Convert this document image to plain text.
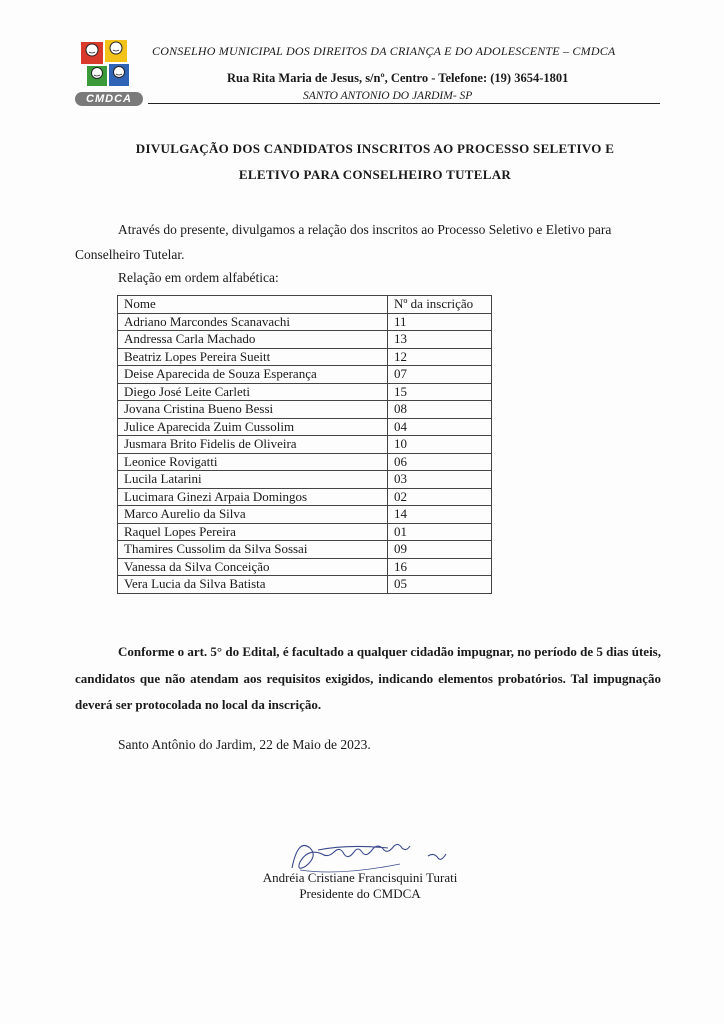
CMDCA
CONSELHO MUNICIPAL DOS DIREITOS DA CRIANÇA E DO ADOLESCENTE – CMDCA
Rua Rita Maria de Jesus, s/nº, Centro - Telefone: (19) 3654-1801
SANTO ANTONIO DO JARDIM- SP
DIVULGAÇÃO DOS CANDIDATOS INSCRITOS AO PROCESSO SELETIVO E
ELETIVO PARA CONSELHEIRO TUTELAR
Através do presente, divulgamos a relação dos inscritos ao Processo Seletivo e Eletivo para Conselheiro Tutelar.
Relação em ordem alfabética:
Nome	Nº da inscrição
Adriano Marcondes Scanavachi	11
Andressa Carla Machado	13
Beatriz Lopes Pereira Sueitt	12
Deise Aparecida de Souza Esperança	07
Diego José Leite Carleti	15
Jovana Cristina Bueno Bessi	08
Julice Aparecida Zuim Cussolim	04
Jusmara Brito Fidelis de Oliveira	10
Leonice Rovigatti	06
Lucila Latarini	03
Lucimara Ginezi Arpaia Domingos	02
Marco Aurelio da Silva	14
Raquel Lopes Pereira	01
Thamires Cussolim da Silva Sossai	09
Vanessa da Silva Conceição	16
Vera Lucia da Silva Batista	05
Conforme o art. 5° do Edital, é facultado a qualquer cidadão impugnar, no período de 5 dias úteis, candidatos que não atendam aos requisitos exigidos, indicando elementos probatórios. Tal impugnação deverá ser protocolada no local da inscrição.
Santo Antônio do Jardim, 22 de Maio de 2023.
Andréia Cristiane Francisquini Turati
Presidente do CMDCA
